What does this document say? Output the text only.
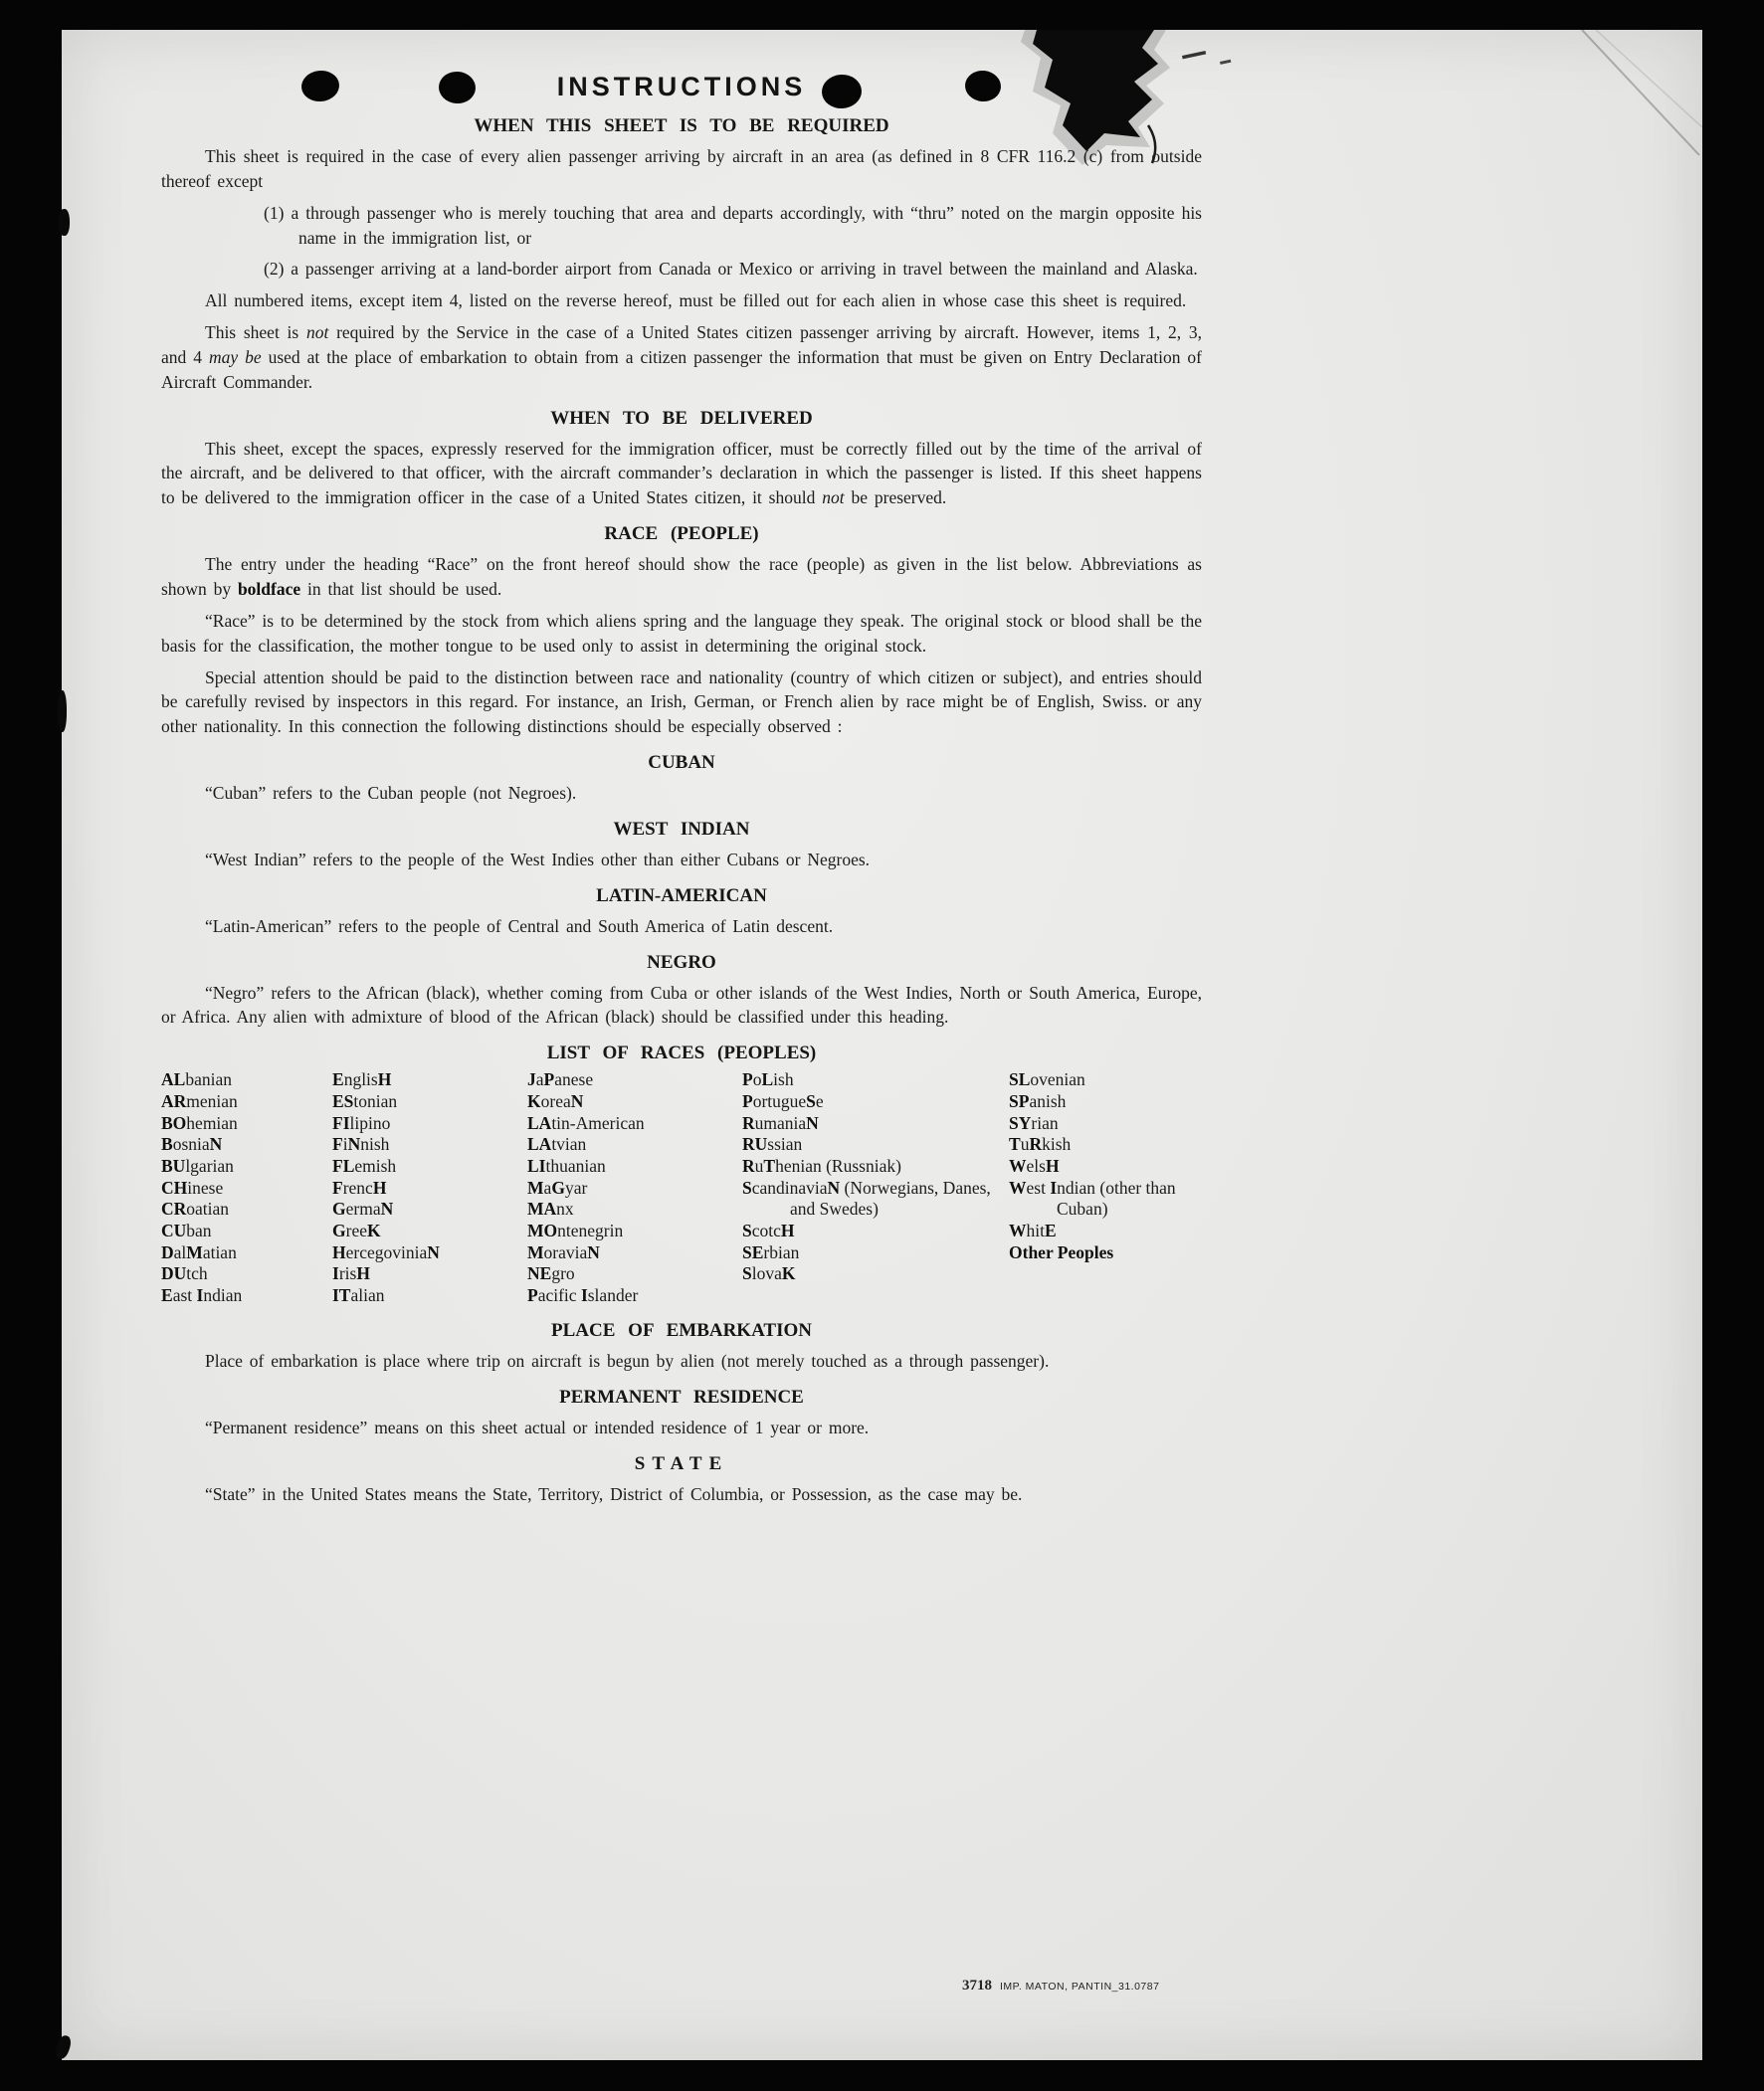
INSTRUCTIONS
WHEN THIS SHEET IS TO BE REQUIRED

This sheet is required in the case of every alien passenger arriving by aircraft in an area (as defined in 8 CFR 116.2 (c) from outside thereof except

(1) a through passenger who is merely touching that area and departs accordingly, with “thru” noted on the margin opposite his name in the immigration list, or

(2) a passenger arriving at a land-border airport from Canada or Mexico or arriving in travel between the mainland and Alaska.

All numbered items, except item 4, listed on the reverse hereof, must be filled out for each alien in whose case this sheet is required.

This sheet is not required by the Service in the case of a United States citizen passenger arriving by aircraft. However, items 1, 2, 3, and 4 may be used at the place of embarkation to obtain from a citizen passenger the information that must be given on Entry Declaration of Aircraft Commander.

WHEN TO BE DELIVERED

This sheet, except the spaces, expressly reserved for the immigration officer, must be correctly filled out by the time of the arrival of the aircraft, and be delivered to that officer, with the aircraft commander’s declaration in which the passenger is listed. If this sheet happens to be delivered to the immigration officer in the case of a United States citizen, it should not be preserved.

RACE (PEOPLE)

The entry under the heading “Race” on the front hereof should show the race (people) as given in the list below. Abbreviations as shown by boldface in that list should be used.

“Race” is to be determined by the stock from which aliens spring and the language they speak. The original stock or blood shall be the basis for the classification, the mother tongue to be used only to assist in determining the original stock.

Special attention should be paid to the distinction between race and nationality (country of which citizen or subject), and entries should be carefully revised by inspectors in this regard. For instance, an Irish, German, or French alien by race might be of English, Swiss. or any other nationality. In this connection the following distinctions should be especially observed :

CUBAN

“Cuban” refers to the Cuban people (not Negroes).

WEST INDIAN

“West Indian” refers to the people of the West Indies other than either Cubans or Negroes.

LATIN-AMERICAN

“Latin-American” refers to the people of Central and South America of Latin descent.

NEGRO

“Negro” refers to the African (black), whether coming from Cuba or other islands of the West Indies, North or South America, Europe, or Africa. Any alien with admixture of blood of the African (black) should be classified under this heading.

LIST OF RACES (PEOPLES)
ALbanian
ARmenian
BOhemian
BosniaN
BUlgarian
CHinese
CRoatian
CUban
DalMatian
DUtch
East Indian
EnglisH
EStonian
FIlipino
FiNnish
FLemish
FrencH
GermaN
GreeK
HercegoviniaN
IrisH
ITalian
JaPanese
KoreaN
LAtin-American
LAtvian
LIthuanian
MaGyar
MAnx
MOntenegrin
MoraviaN
NEgro
Pacific Islander
PoLish
PortugueSe
RumaniaN
RUssian
RuThenian (Russniak)
ScandinaviaN (Norwegians, Danes, and Swedes)
ScotcH
SErbian
SlovaK
SLovenian
SPanish
SYrian
TuRkish
WelsH
West Indian (other than Cuban)
WhitE
Other Peoples
PLACE OF EMBARKATION

Place of embarkation is place where trip on aircraft is begun by alien (not merely touched as a through passenger).

PERMANENT RESIDENCE

“Permanent residence” means on this sheet actual or intended residence of 1 year or more.

STATE

“State” in the United States means the State, Territory, District of Columbia, or Possession, as the case may be.

3718 IMP. MATON, PANTIN_31.0787
